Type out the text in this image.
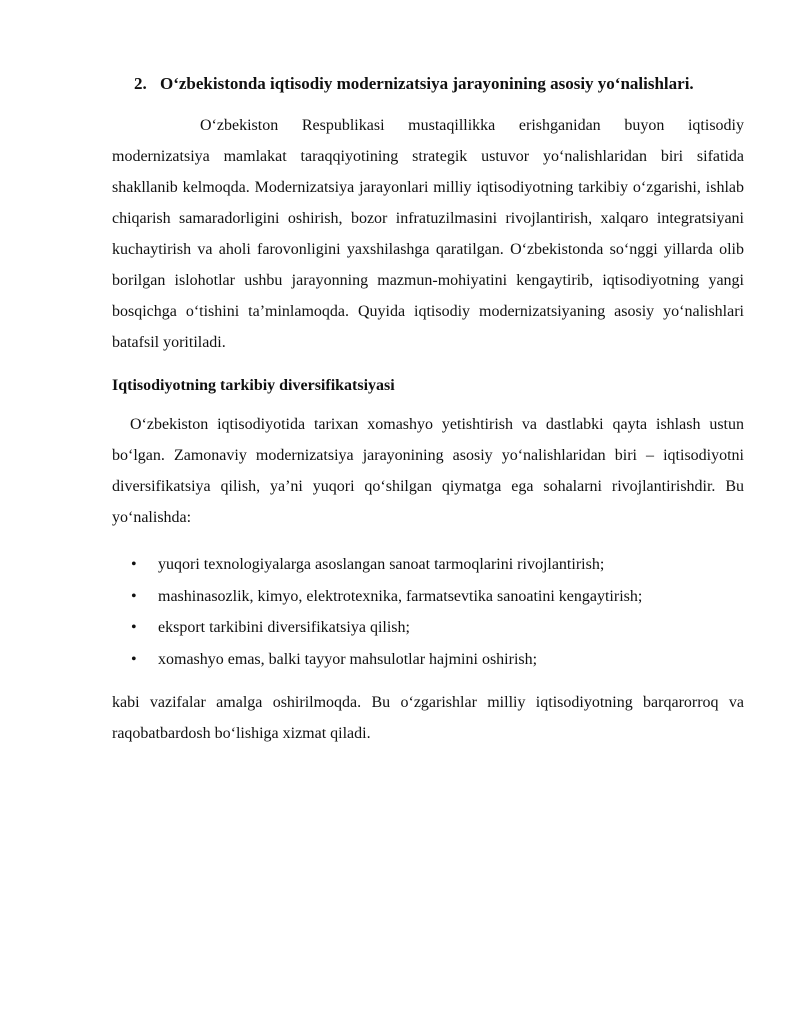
2. O‘zbekistonda iqtisodiy modernizatsiya jarayonining asosiy yo‘nalishlari.

O‘zbekiston Respublikasi mustaqillikka erishganidan buyon iqtisodiy modernizatsiya mamlakat taraqqiyotining strategik ustuvor yo‘nalishlaridan biri sifatida shakllanib kelmoqda. Modernizatsiya jarayonlari milliy iqtisodiyotning tarkibiy o‘zgarishi, ishlab chiqarish samaradorligini oshirish, bozor infratuzilmasini rivojlantirish, xalqaro integratsiyani kuchaytirish va aholi farovonligini yaxshilashga qaratilgan. O‘zbekistonda so‘nggi yillarda olib borilgan islohotlar ushbu jarayonning mazmun-mohiyatini kengaytirib, iqtisodiyotning yangi bosqichga o‘tishini ta’minlamoqda. Quyida iqtisodiy modernizatsiyaning asosiy yo‘nalishlari batafsil yoritiladi.

Iqtisodiyotning tarkibiy diversifikatsiyasi

O‘zbekiston iqtisodiyotida tarixan xomashyo yetishtirish va dastlabki qayta ishlash ustun bo‘lgan. Zamonaviy modernizatsiya jarayonining asosiy yo‘nalishlaridan biri – iqtisodiyotni diversifikatsiya qilish, ya’ni yuqori qo‘shilgan qiymatga ega sohalarni rivojlantirishdir. Bu yo‘nalishda:

• yuqori texnologiyalarga asoslangan sanoat tarmoqlarini rivojlantirish;
• mashinasozlik, kimyo, elektrotexnika, farmatsevtika sanoatini kengaytirish;
• eksport tarkibini diversifikatsiya qilish;
• xomashyo emas, balki tayyor mahsulotlar hajmini oshirish;

kabi vazifalar amalga oshirilmoqda. Bu o‘zgarishlar milliy iqtisodiyotning barqarorroq va raqobatbardosh bo‘lishiga xizmat qiladi.
